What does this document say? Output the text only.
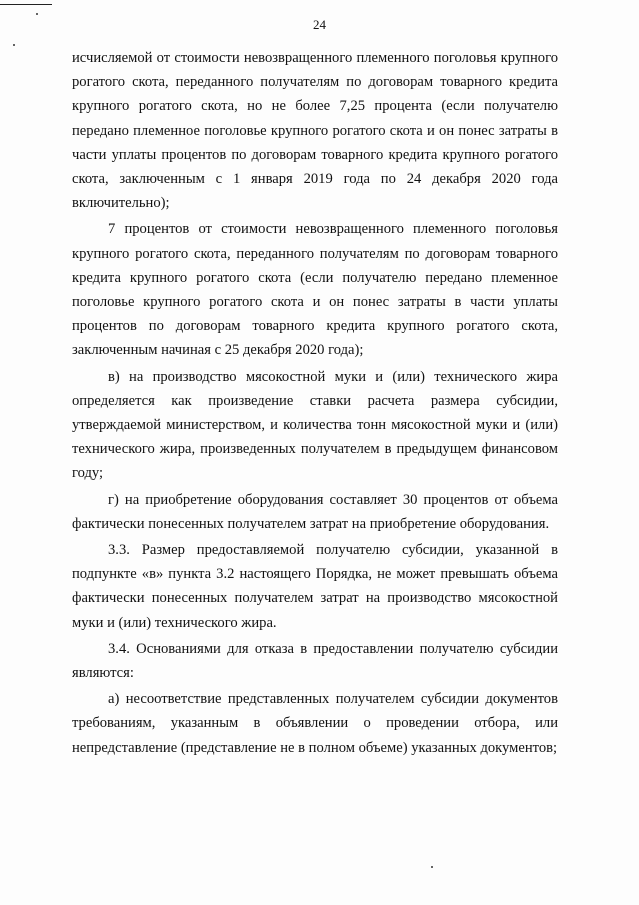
24

исчисляемой от стоимости невозвращенного племенного поголовья крупного рогатого скота, переданного получателям по договорам товарного кредита крупного рогатого скота, но не более 7,25 процента (если получателю передано племенное поголовье крупного рогатого скота и он понес затраты в части уплаты процентов по договорам товарного кредита крупного рогатого скота, заключенным с 1 января 2019 года по 24 декабря 2020 года включительно);

7 процентов от стоимости невозвращенного племенного поголовья крупного рогатого скота, переданного получателям по договорам товарного кредита крупного рогатого скота (если получателю передано племенное поголовье крупного рогатого скота и он понес затраты в части уплаты процентов по договорам товарного кредита крупного рогатого скота, заключенным начиная с 25 декабря 2020 года);

в) на производство мясокостной муки и (или) технического жира определяется как произведение ставки расчета размера субсидии, утверждаемой министерством, и количества тонн мясокостной муки и (или) технического жира, произведенных получателем в предыдущем финансовом году;

г) на приобретение оборудования составляет 30 процентов от объема фактически понесенных получателем затрат на приобретение оборудования.

3.3. Размер предоставляемой получателю субсидии, указанной в подпункте «в» пункта 3.2 настоящего Порядка, не может превышать объема фактически понесенных получателем затрат на производство мясокостной муки и (или) технического жира.

3.4. Основаниями для отказа в предоставлении получателю субсидии являются:

а) несоответствие представленных получателем субсидии документов требованиям, указанным в объявлении о проведении отбора, или непредставление (представление не в полном объеме) указанных документов;
